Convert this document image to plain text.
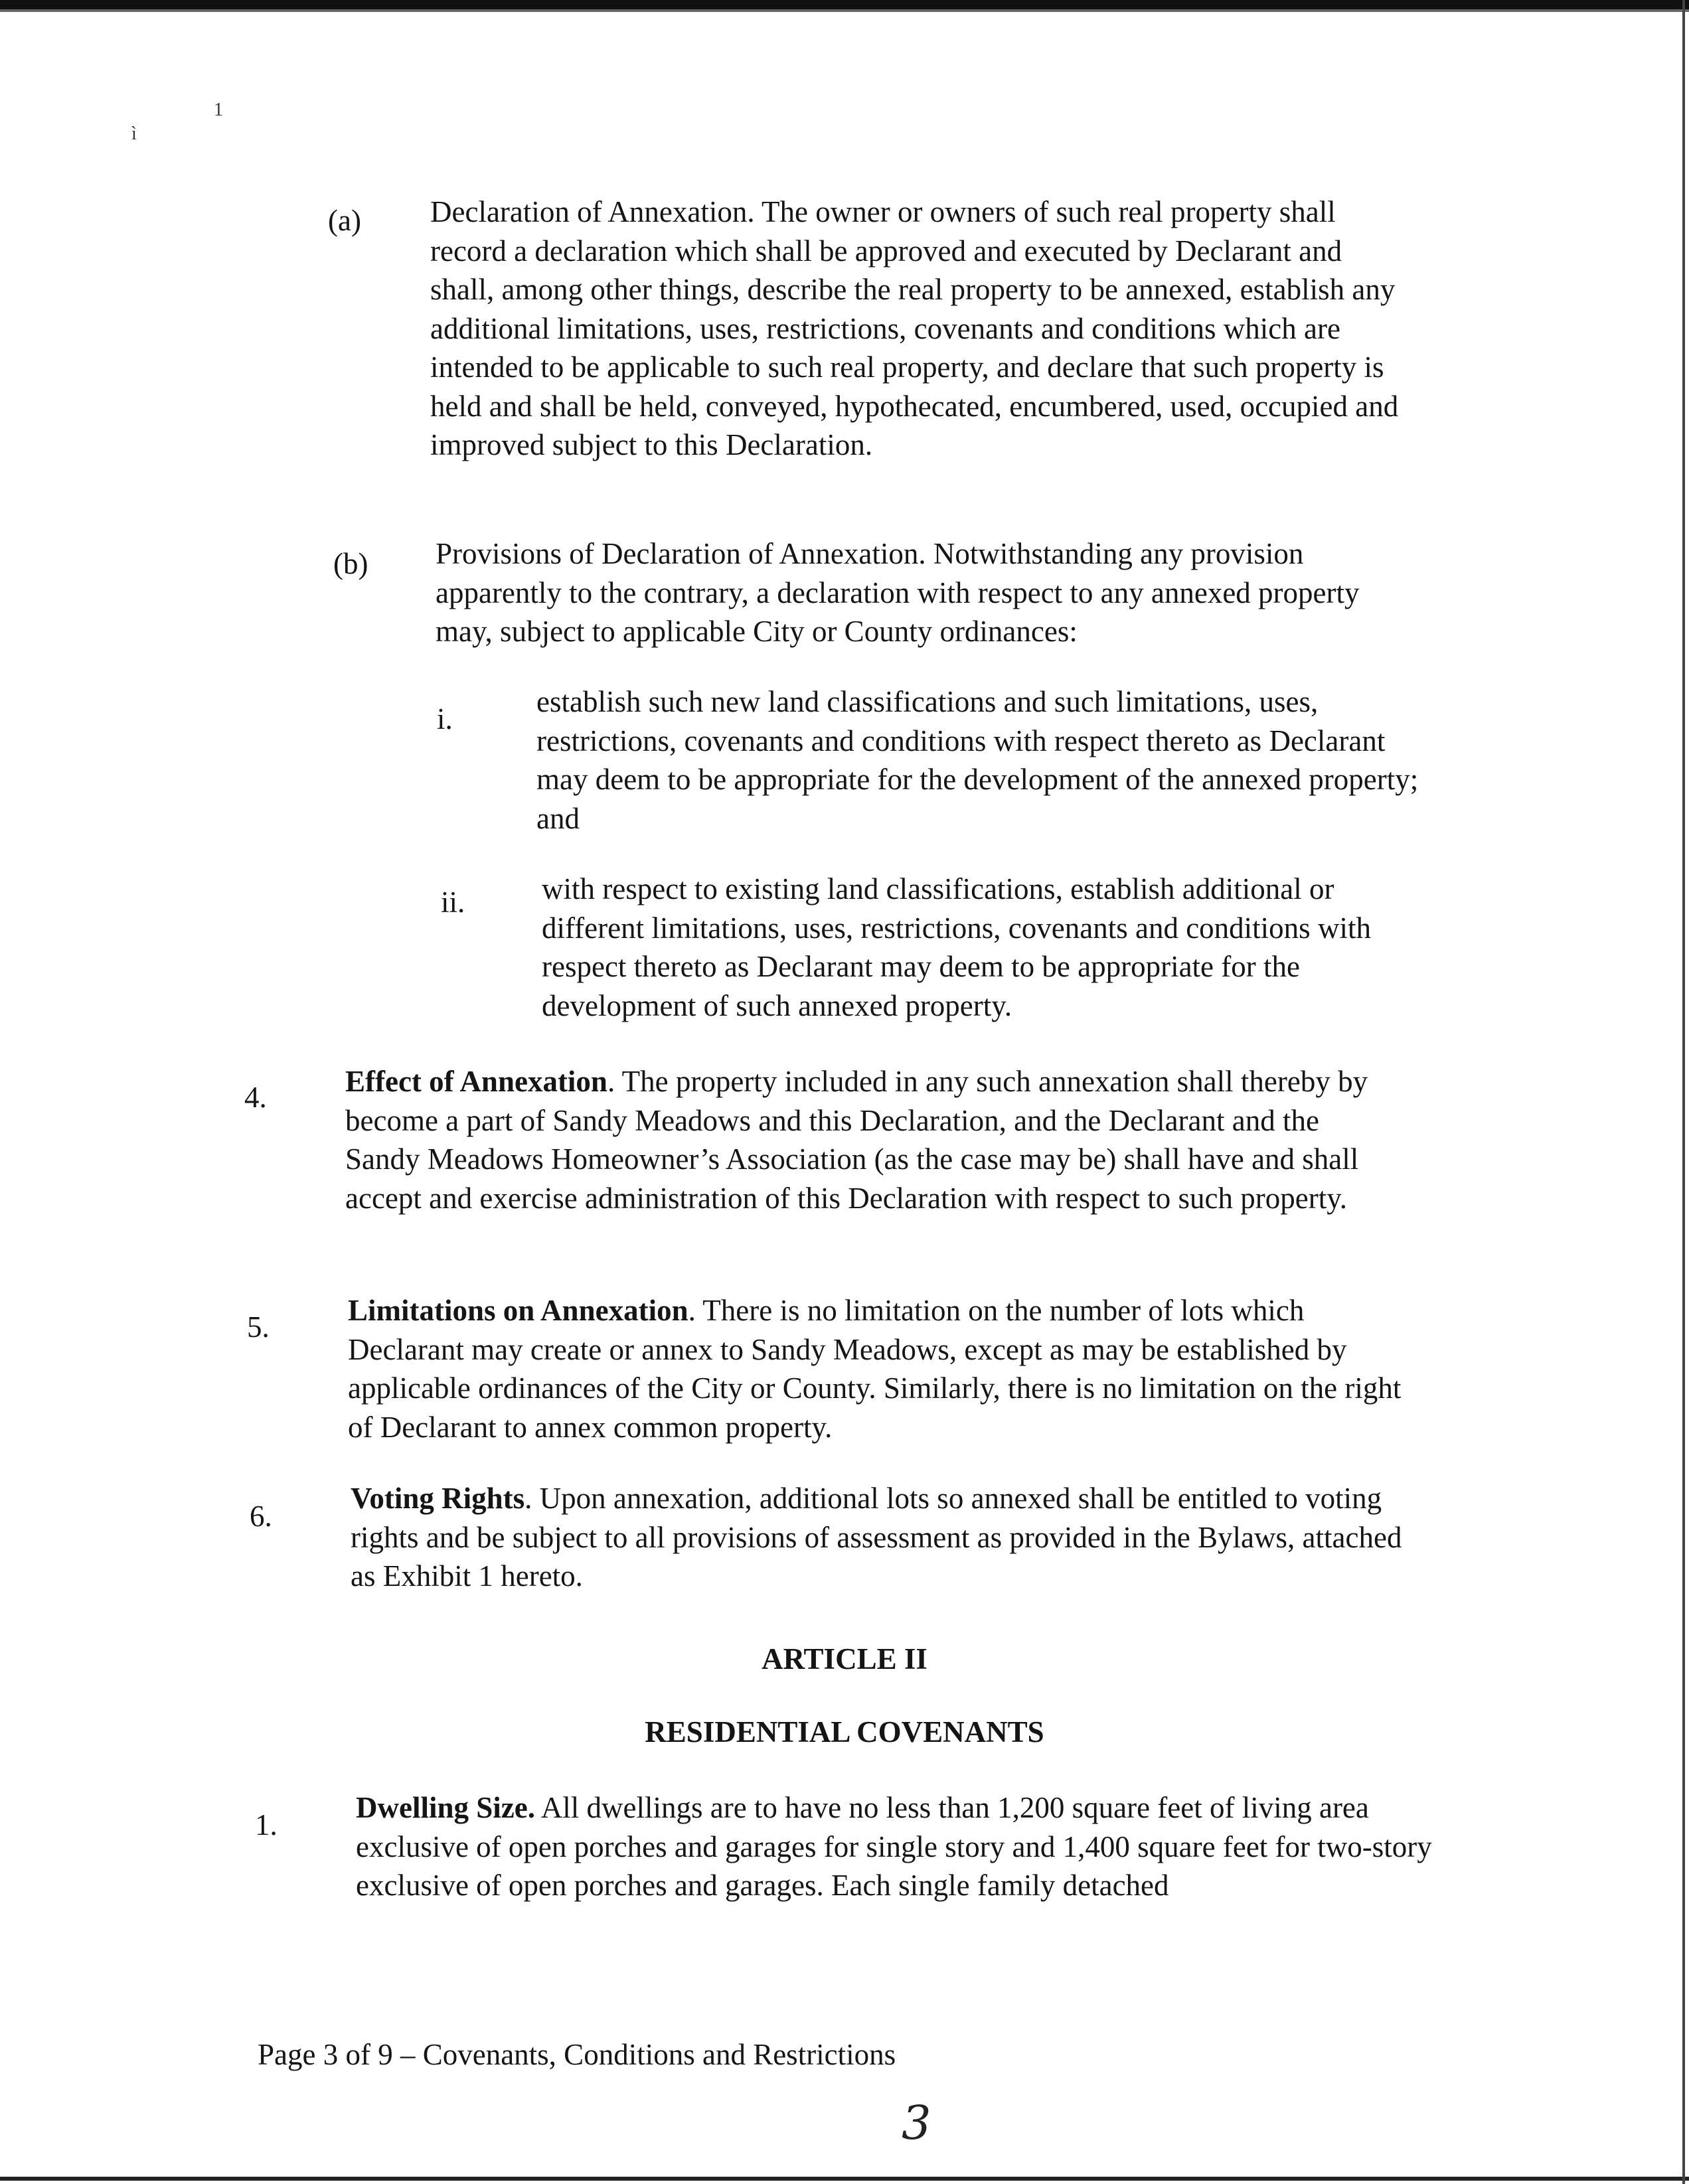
1
ì
(a) Declaration of Annexation. The owner or owners of such real property shall record a declaration which shall be approved and executed by Declarant and shall, among other things, describe the real property to be annexed, establish any additional limitations, uses, restrictions, covenants and conditions which are intended to be applicable to such real property, and declare that such property is held and shall be held, conveyed, hypothecated, encumbered, used, occupied and improved subject to this Declaration.
(b) Provisions of Declaration of Annexation. Notwithstanding any provision apparently to the contrary, a declaration with respect to any annexed property may, subject to applicable City or County ordinances:
i.
establish such new land classifications and such limitations, uses, restrictions, covenants and conditions with respect thereto as Declarant may deem to be appropriate for the development of the annexed property; and
ii.	with respect to existing land classifications, establish additional or different limitations, uses, restrictions, covenants and conditions with respect thereto as Declarant may deem to be appropriate for the development of such annexed property.
4.	Effect of Annexation. The property included in any such annexation shall thereby by become a part of Sandy Meadows and this Declaration, and the Declarant and the Sandy Meadows Homeowner’s Association (as the case may be) shall have and shall accept and exercise administration of this Declaration with respect to such property.
5.	Limitations on Annexation. There is no limitation on the number of lots which Declarant may create or annex to Sandy Meadows, except as may be established by applicable ordinances of the City or County. Similarly, there is no limitation on the right of Declarant to annex common property.
6.
Voting Rights. Upon annexation, additional lots so annexed shall be entitled to voting rights and be subject to all provisions of assessment as provided in the Bylaws, attached as Exhibit 1 hereto.
ARTICLE II
RESIDENTIAL COVENANTS
1.
Dwelling Size. All dwellings are to have no less than 1,200 square feet of living area exclusive of open porches and garages for single story and 1,400 square feet for two-story exclusive of open porches and garages. Each single family detached
Page 3 of 9 – Covenants, Conditions and Restrictions
3
